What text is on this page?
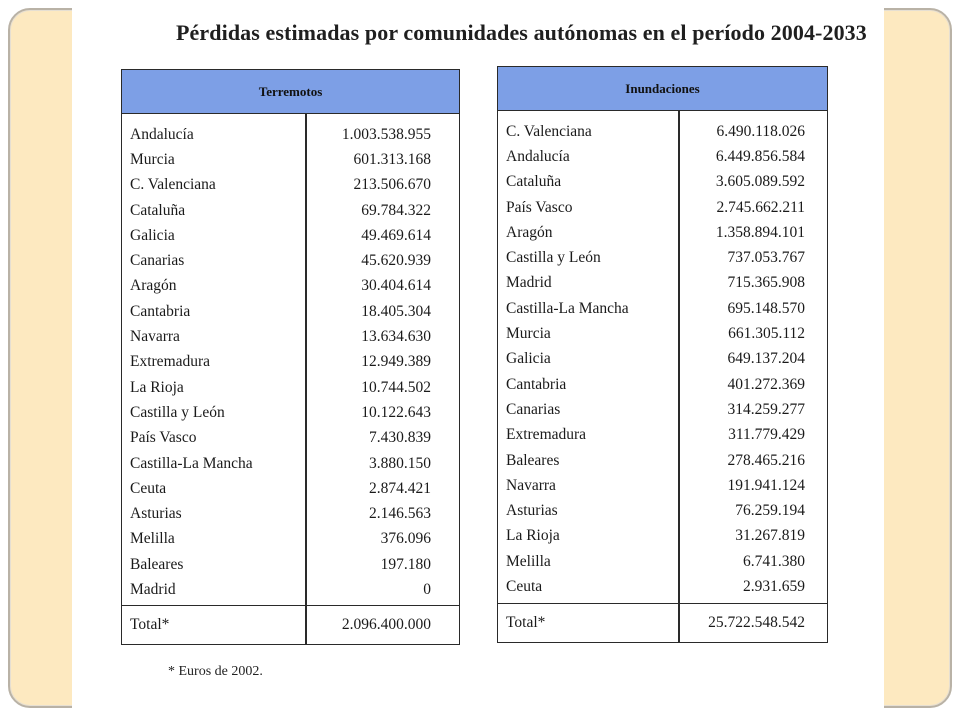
Pérdidas estimadas por comunidades autónomas en el período 2004-2033
Terremotos
Andalucía	1.003.538.955
Murcia	601.313.168
C. Valenciana	213.506.670
Cataluña	69.784.322
Galicia	49.469.614
Canarias	45.620.939
Aragón	30.404.614
Cantabria	18.405.304
Navarra	13.634.630
Extremadura	12.949.389
La Rioja	10.744.502
Castilla y León	10.122.643
País Vasco	7.430.839
Castilla-La Mancha	3.880.150
Ceuta	2.874.421
Asturias	2.146.563
Melilla	376.096
Baleares	197.180
Madrid	0
Total*	2.096.400.000
Inundaciones
C. Valenciana	6.490.118.026
Andalucía	6.449.856.584
Cataluña	3.605.089.592
País Vasco	2.745.662.211
Aragón	1.358.894.101
Castilla y León	737.053.767
Madrid	715.365.908
Castilla-La Mancha	695.148.570
Murcia	661.305.112
Galicia	649.137.204
Cantabria	401.272.369
Canarias	314.259.277
Extremadura	311.779.429
Baleares	278.465.216
Navarra	191.941.124
Asturias	76.259.194
La Rioja	31.267.819
Melilla	6.741.380
Ceuta	2.931.659
Total*	25.722.548.542
* Euros de 2002.
